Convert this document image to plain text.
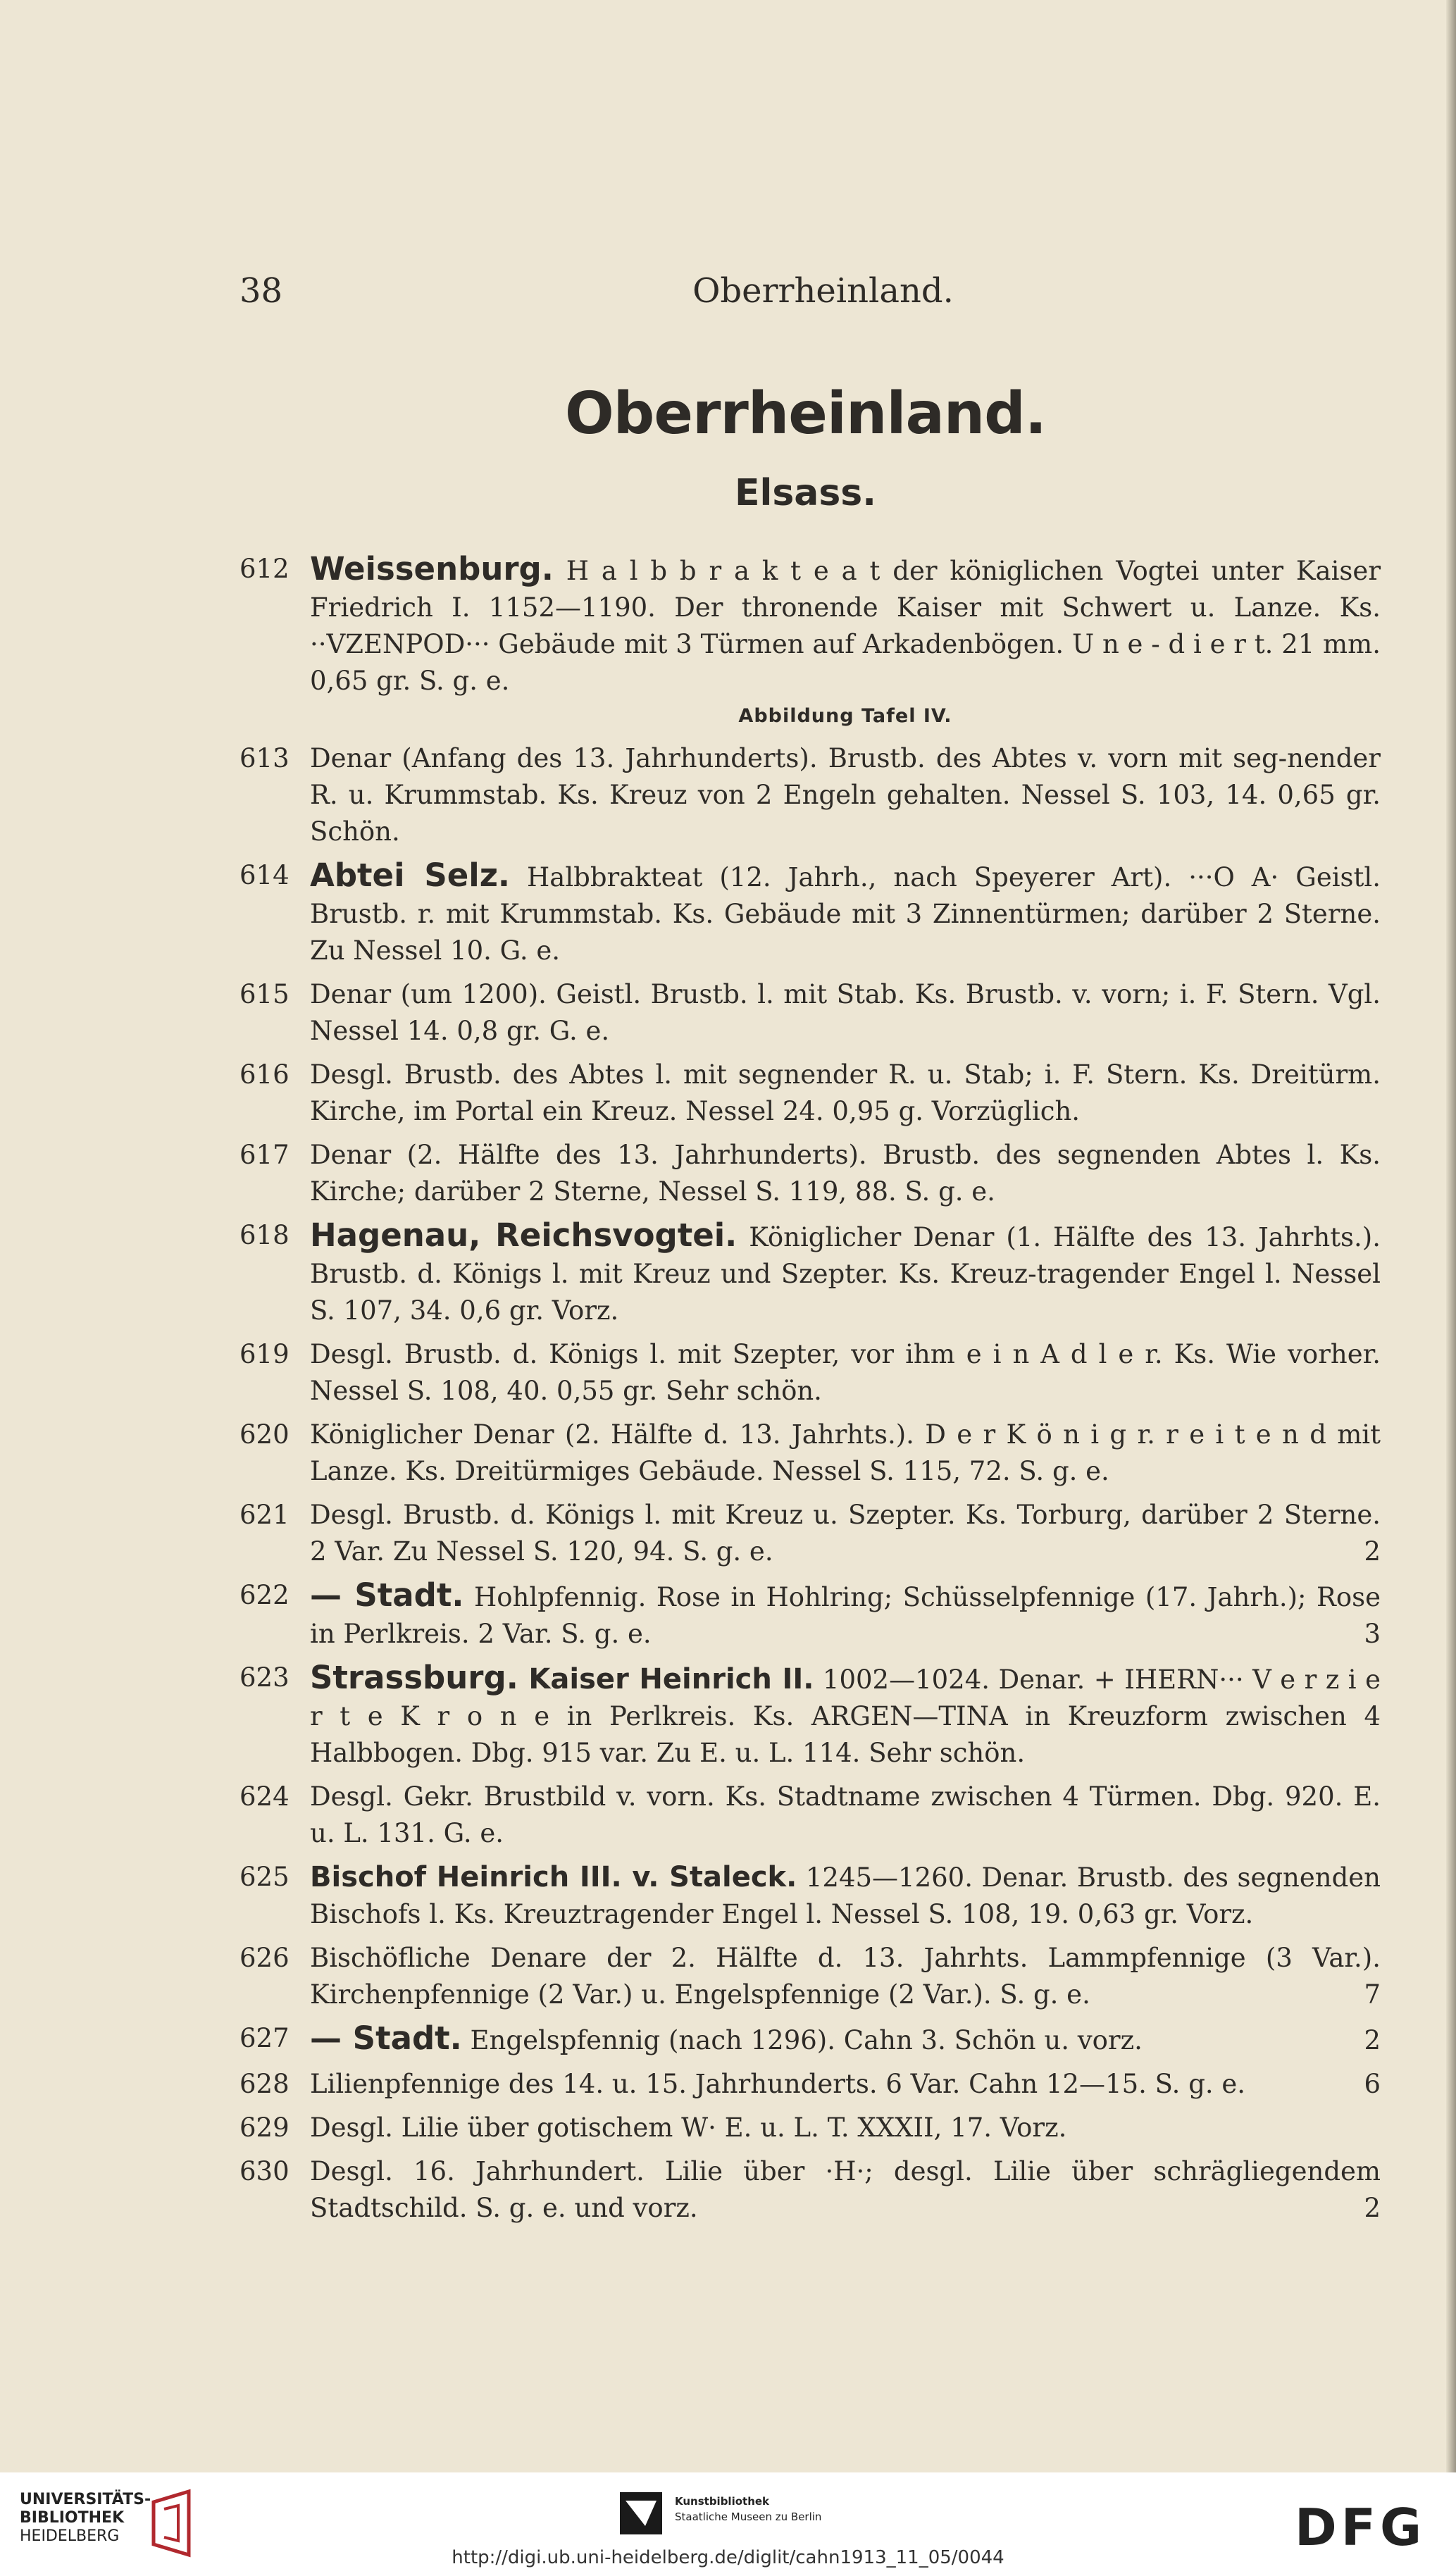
38	Oberrheinland.
Oberrheinland.
Elsass.
612 Weissenburg. H a l b b r a k t e a t der königlichen Vogtei unter Kaiser Friedrich I. 1152—1190. Der thronende Kaiser mit Schwert u. Lanze. Ks. ··VZENPOD··· Gebäude mit 3 Türmen auf Arkadenbögen. U n e - d i e r t. 21 mm. 0,65 gr. S. g. e.
Abbildung Tafel IV.
613 Denar (Anfang des 13. Jahrhunderts). Brustb. des Abtes v. vorn mit seg-nender R. u. Krummstab. Ks. Kreuz von 2 Engeln gehalten. Nessel S. 103, 14. 0,65 gr. Schön.
614 Abtei Selz. Halbbrakteat (12. Jahrh., nach Speyerer Art). ···O A· Geistl. Brustb. r. mit Krummstab. Ks. Gebäude mit 3 Zinnentürmen; darüber 2 Sterne. Zu Nessel 10. G. e.
615 Denar (um 1200). Geistl. Brustb. l. mit Stab. Ks. Brustb. v. vorn; i. F. Stern. Vgl. Nessel 14. 0,8 gr. G. e.
616 Desgl. Brustb. des Abtes l. mit segnender R. u. Stab; i. F. Stern. Ks. Dreitürm. Kirche, im Portal ein Kreuz. Nessel 24. 0,95 g. Vorzüglich.
617 Denar (2. Hälfte des 13. Jahrhunderts). Brustb. des segnenden Abtes l. Ks. Kirche; darüber 2 Sterne, Nessel S. 119, 88. S. g. e.
618 Hagenau, Reichsvogtei. Königlicher Denar (1. Hälfte des 13. Jahrhts.). Brustb. d. Königs l. mit Kreuz und Szepter. Ks. Kreuz-tragender Engel l. Nessel S. 107, 34. 0,6 gr. Vorz.
619 Desgl. Brustb. d. Königs l. mit Szepter, vor ihm e i n A d l e r. Ks. Wie vorher. Nessel S. 108, 40. 0,55 gr. Sehr schön.
620 Königlicher Denar (2. Hälfte d. 13. Jahrhts.). D e r K ö n i g r. r e i t e n d mit Lanze. Ks. Dreitürmiges Gebäude. Nessel S. 115, 72. S. g. e.
621 Desgl. Brustb. d. Königs l. mit Kreuz u. Szepter. Ks. Torburg, darüber 2 Sterne. 2 Var. Zu Nessel S. 120, 94. S. g. e.	2
622 — Stadt. Hohlpfennig. Rose in Hohlring; Schüsselpfennige (17. Jahrh.); Rose in Perlkreis. 2 Var. S. g. e.	3
623 Strassburg. Kaiser Heinrich II. 1002—1024. Denar. + IHERN··· V e r z i e r t e K r o n e in Perlkreis. Ks. ARGEN—TINA in Kreuzform zwischen 4 Halbbogen. Dbg. 915 var. Zu E. u. L. 114. Sehr schön.
624 Desgl. Gekr. Brustbild v. vorn. Ks. Stadtname zwischen 4 Türmen. Dbg. 920. E. u. L. 131. G. e.
625 Bischof Heinrich III. v. Staleck. 1245—1260. Denar. Brustb. des segnenden Bischofs l. Ks. Kreuztragender Engel l. Nessel S. 108, 19. 0,63 gr. Vorz.
626 Bischöfliche Denare der 2. Hälfte d. 13. Jahrhts. Lammpfennige (3 Var.). Kirchenpfennige (2 Var.) u. Engelspfennige (2 Var.). S. g. e.	7
627 — Stadt. Engelspfennig (nach 1296). Cahn 3. Schön u. vorz.	2
628 Lilienpfennige des 14. u. 15. Jahrhunderts. 6 Var. Cahn 12—15. S. g. e.	6
629 Desgl. Lilie über gotischem W· E. u. L. T. XXXII, 17. Vorz.
630 Desgl. 16. Jahrhundert. Lilie über ·H·; desgl. Lilie über schrägliegendem Stadtschild. S. g. e. und vorz.	2
UNIVERSITÄTS-
BIBLIOTHEK
HEIDELBERG
Kunstbibliothek
Staatliche Museen zu Berlin	DFG
http://digi.ub.uni-heidelberg.de/diglit/cahn1913_11_05/0044
